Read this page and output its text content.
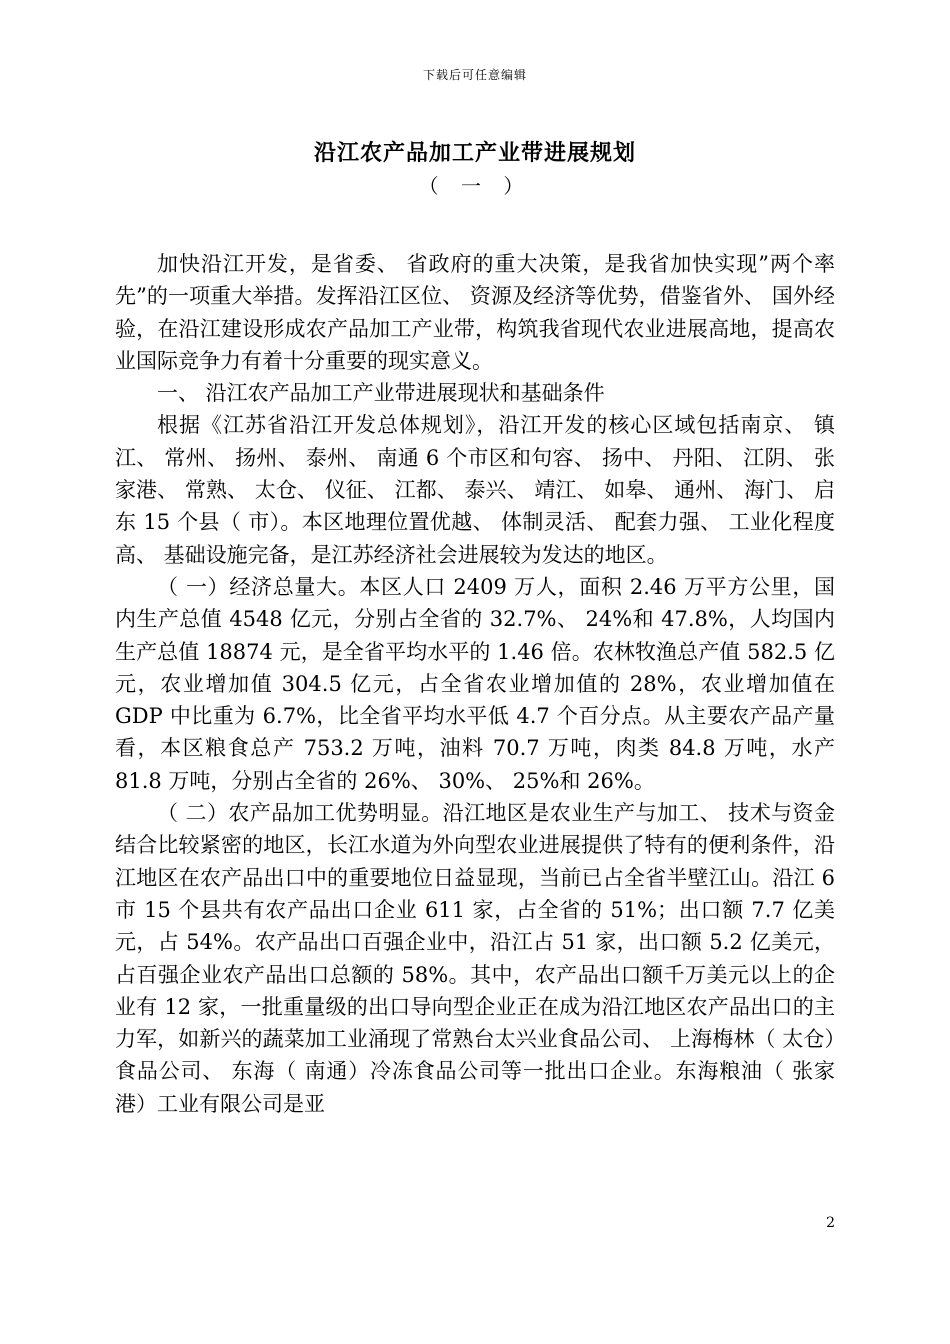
下载后可任意编辑
沿江农产品加工产业带进展规划
（ 一 ）

加快沿江开发，是省委、 省政府的重大决策，是我省加快实现”两个率先”的一项重大举措。发挥沿江区位、 资源及经济等优势，借鉴省外、 国外经验，在沿江建设形成农产品加工产业带，构筑我省现代农业进展高地，提高农业国际竞争力有着十分重要的现实意义。

一、 沿江农产品加工产业带进展现状和基础条件

根据《江苏省沿江开发总体规划》，沿江开发的核心区域包括南京、 镇江、 常州、 扬州、 泰州、 南通 6 个市区和句容、 扬中、 丹阳、 江阴、 张家港、 常熟、 太仓、 仪征、 江都、 泰兴、 靖江、 如皋、 通州、 海门、 启东 15 个县（ 市）。本区地理位置优越、 体制灵活、 配套力强、 工业化程度高、 基础设施完备，是江苏经济社会进展较为发达的地区。

（ 一）经济总量大。本区人口 2409 万人，面积 2.46 万平方公里，国内生产总值 4548 亿元，分别占全省的 32.7%、 24%和 47.8%，人均国内生产总值 18874 元，是全省平均水平的 1.46 倍。农林牧渔总产值 582.5 亿元，农业增加值 304.5 亿元，占全省农业增加值的 28%，农业增加值在 GDP 中比重为 6.7%，比全省平均水平低 4.7 个百分点。从主要农产品产量看，本区粮食总产 753.2 万吨，油料 70.7 万吨，肉类 84.8 万吨，水产 81.8 万吨，分别占全省的 26%、 30%、 25%和 26%。

（ 二）农产品加工优势明显。沿江地区是农业生产与加工、 技术与资金结合比较紧密的地区，长江水道为外向型农业进展提供了特有的便利条件，沿江地区在农产品出口中的重要地位日益显现，当前已占全省半壁江山。沿江 6 市 15 个县共有农产品出口企业 611 家，占全省的 51%；出口额 7.7 亿美元，占 54%。农产品出口百强企业中，沿江占 51 家，出口额 5.2 亿美元，占百强企业农产品出口总额的 58%。其中，农产品出口额千万美元以上的企业有 12 家，一批重量级的出口导向型企业正在成为沿江地区农产品出口的主力军，如新兴的蔬菜加工业涌现了常熟台太兴业食品公司、 上海梅林（ 太仓）食品公司、 东海（ 南通）冷冻食品公司等一批出口企业。东海粮油（ 张家港）工业有限公司是亚

2
